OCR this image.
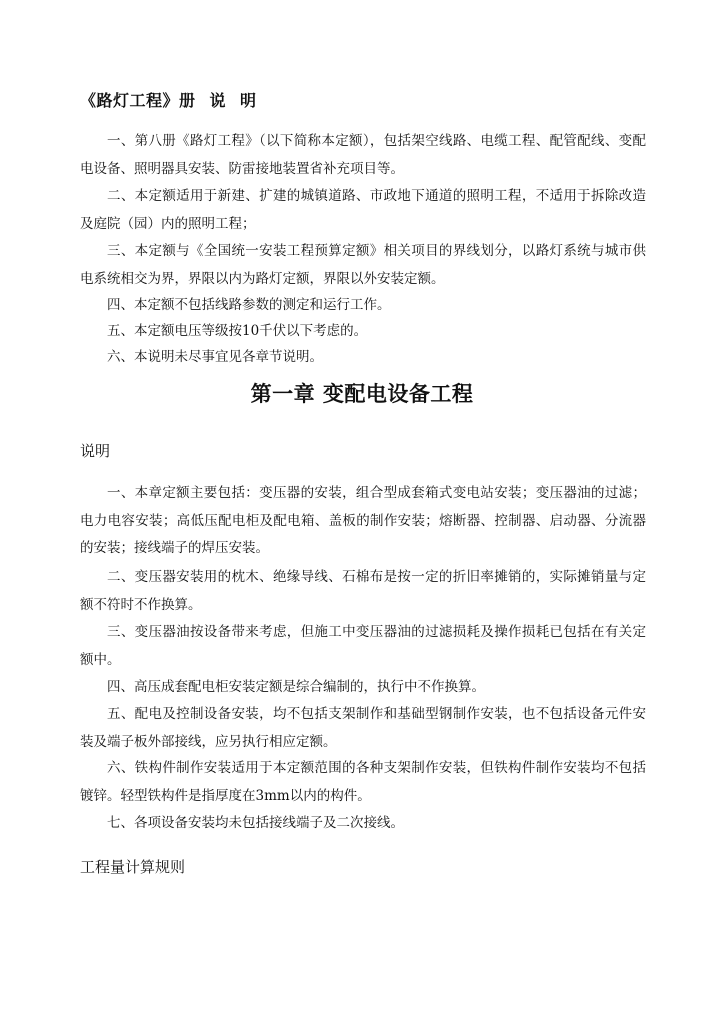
《路灯工程》册 说 明

一、第八册《路灯工程》（以下简称本定额），包括架空线路、电缆工程、配管配线、变配电设备、照明器具安装、防雷接地装置省补充项目等。

二、本定额适用于新建、扩建的城镇道路、市政地下通道的照明工程，不适用于拆除改造及庭院（园）内的照明工程；

三、本定额与《全国统一安装工程预算定额》相关项目的界线划分，以路灯系统与城市供电系统相交为界，界限以内为路灯定额，界限以外安装定额。

四、本定额不包括线路参数的测定和运行工作。

五、本定额电压等级按10千伏以下考虑的。

六、本说明未尽事宜见各章节说明。

第一章 变配电设备工程
说明

一、本章定额主要包括：变压器的安装，组合型成套箱式变电站安装；变压器油的过滤；电力电容安装；高低压配电柜及配电箱、盖板的制作安装；熔断器、控制器、启动器、分流器的安装；接线端子的焊压安装。

二、变压器安装用的枕木、绝缘导线、石棉布是按一定的折旧率摊销的，实际摊销量与定额不符时不作换算。

三、变压器油按设备带来考虑，但施工中变压器油的过滤损耗及操作损耗已包括在有关定额中。

四、高压成套配电柜安装定额是综合编制的，执行中不作换算。

五、配电及控制设备安装，均不包括支架制作和基础型钢制作安装，也不包括设备元件安装及端子板外部接线，应另执行相应定额。

六、铁构件制作安装适用于本定额范围的各种支架制作安装，但铁构件制作安装均不包括镀锌。轻型铁构件是指厚度在3mm以内的构件。

七、各项设备安装均未包括接线端子及二次接线。

工程量计算规则
